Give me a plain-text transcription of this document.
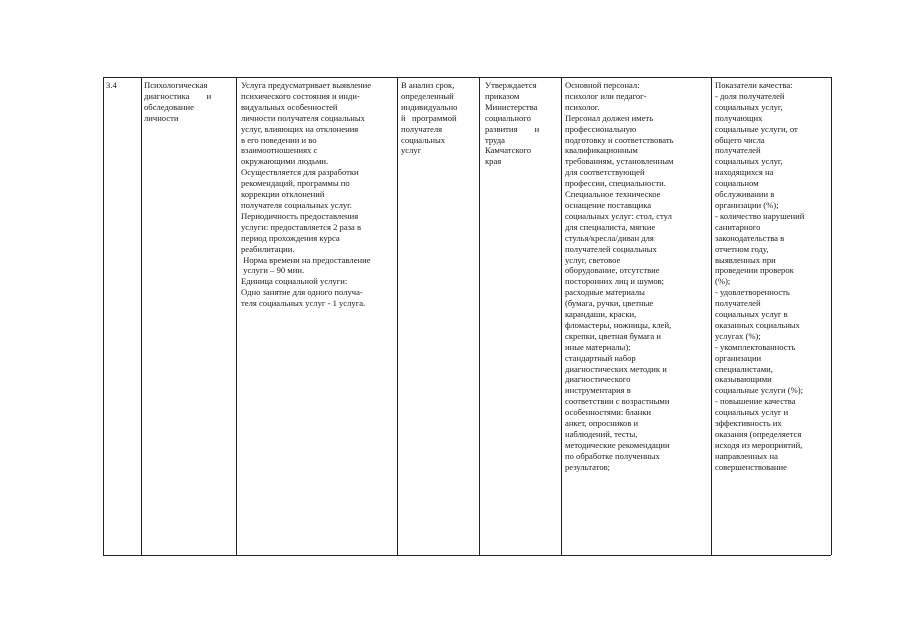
3.4	Психологическая
диагностика        и
обследование
личности
Услуга предусматривает выявление
психического состояния и инди-
видуальных особенностей
личности получателя социальных
услуг, влияющих на отклонения
в его поведении и во
взаимоотношениях с
окружающими людьми.
Осуществляется для разработки
рекомендаций, программы по
коррекции отклонений
получателя социальных услуг.
Периодичность предоставления
услуги: предоставляется 2 раза в
период прохождения курса
реабилитации.
Норма времени на предоставление
услуги – 90 мин.
Единица социальной услуги:
Одно занятие для одного получа-
теля социальных услуг - 1 услуга.
В анализ срок,
определенный
индивидуально
й   программой
получателя
социальных
услуг
Утверждается
приказом
Министерства
социального
развития        и
труда
Камчатского
края
Основной персонал:
психолог или педагог-
психолог.
Персонал должен иметь
профессиональную
подготовку и соответствовать
квалификационным
требованиям, установленным
для соответствующей
профессии, специальности.
Специальное техническое
оснащение поставщика
социальных услуг: стол, стул
для специалиста, мягкие
стулья/кресла/диван для
получателей социальных
услуг, световое
оборудование, отсутствие
посторонних лиц и шумов;
расходные материалы
(бумага, ручки, цветные
карандаши, краски,
фломастеры, ножницы, клей,
скрепки, цветная бумага и
иные материалы);
стандартный набор
диагностических методик и
диагностического
инструментария в
соответствии с возрастными
особенностями: бланки
анкет, опросников и
наблюдений, тесты,
методические рекомендации
по обработке полученных
результатов;
Показатели качества:
- доля получателей
социальных услуг,
получающих
социальные услуги, от
общего числа
получателей
социальных услуг,
находящихся на
социальном
обслуживании в
организации (%);
- количество нарушений
санитарного
законодательства в
отчетном году,
выявленных при
проведении проверок
(%);
- удовлетворенность
получателей
социальных услуг в
оказанных социальных
услугах (%);
- укомплектованность
организации
специалистами,
оказывающими
социальные услуги (%);
- повышение качества
социальных услуг и
эффективность их
оказания (определяется
исходя из мероприятий,
направленных на
совершенствование
